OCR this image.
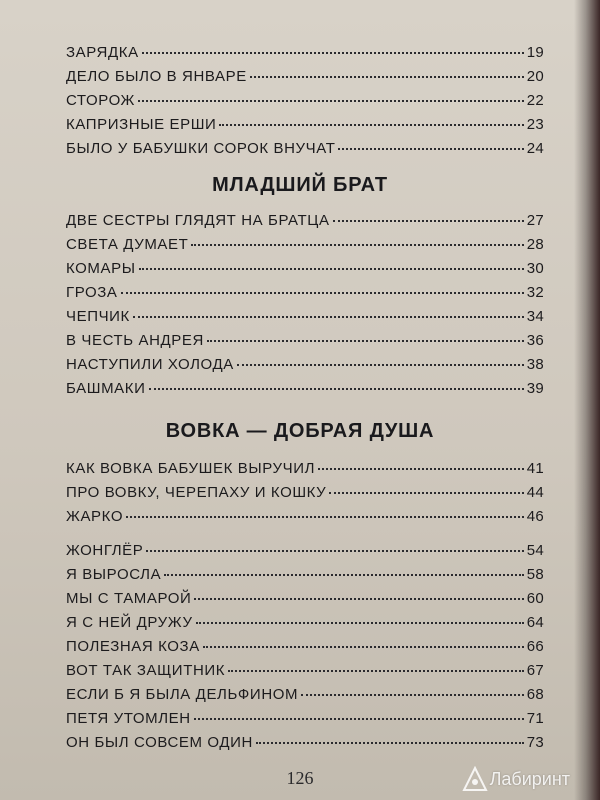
ЗАРЯДКА	19
ДЕЛО БЫЛО В ЯНВАРЕ	20
СТОРОЖ	22
КАПРИЗНЫЕ ЕРШИ	23
БЫЛО У БАБУШКИ СОРОК ВНУЧАТ	24
МЛАДШИЙ БРАТ
ДВЕ СЕСТРЫ ГЛЯДЯТ НА БРАТЦА	27
СВЕТА ДУМАЕТ	28
КОМАРЫ	30
ГРОЗА	32
ЧЕПЧИК	34
В ЧЕСТЬ АНДРЕЯ	36
НАСТУПИЛИ ХОЛОДА	38
БАШМАКИ	39
ВОВКА — ДОБРАЯ ДУША
КАК ВОВКА БАБУШЕК ВЫРУЧИЛ	41
ПРО ВОВКУ, ЧЕРЕПАХУ И КОШКУ	44
ЖАРКО	46
ЖОНГЛЁР	54
Я ВЫРОСЛА	58
МЫ С ТАМАРОЙ	60
Я С НЕЙ ДРУЖУ	64
ПОЛЕЗНАЯ КОЗА	66
ВОТ ТАК ЗАЩИТНИК	67
ЕСЛИ Б Я БЫЛА ДЕЛЬФИНОМ	68
ПЕТЯ УТОМЛЕН	71
ОН БЫЛ СОВСЕМ ОДИН	73
126	Лабиринт
